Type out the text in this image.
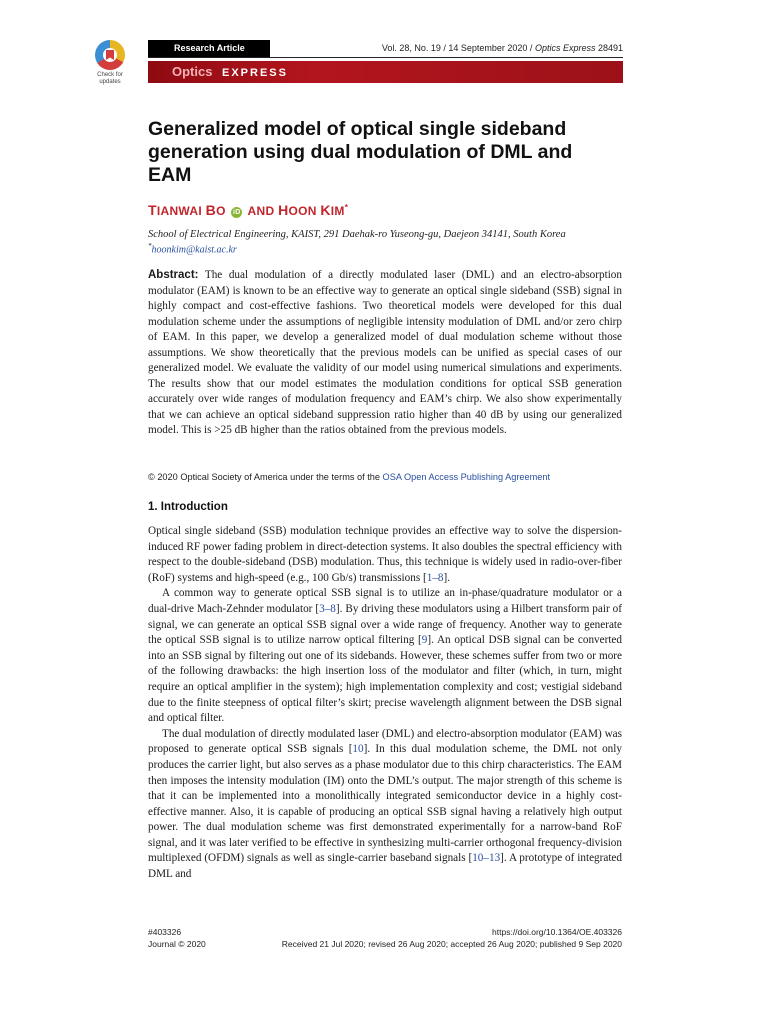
Check for
updates
Research Article	Vol. 28, No. 19 / 14 September 2020 / Optics Express 28491
Optics EXPRESS
Generalized model of optical single sideband generation using dual modulation of DML and EAM
TIANWAI BO iD AND HOON KIM*
School of Electrical Engineering, KAIST, 291 Daehak-ro Yuseong-gu, Daejeon 34141, South Korea
*hoonkim@kaist.ac.kr

Abstract: The dual modulation of a directly modulated laser (DML) and an electro-absorption modulator (EAM) is known to be an effective way to generate an optical single sideband (SSB) signal in highly compact and cost-effective fashions. Two theoretical models were developed for this dual modulation scheme under the assumptions of negligible intensity modulation of DML and/or zero chirp of EAM. In this paper, we develop a generalized model of dual modulation scheme without those assumptions. We show theoretically that the previous models can be unified as special cases of our generalized model. We evaluate the validity of our model using numerical simulations and experiments. The results show that our model estimates the modulation conditions for optical SSB generation accurately over wide ranges of modulation frequency and EAM’s chirp. We also show experimentally that we can achieve an optical sideband suppression ratio higher than 40 dB by using our generalized model. This is >25 dB higher than the ratios obtained from the previous models.

© 2020 Optical Society of America under the terms of the OSA Open Access Publishing Agreement
1. Introduction

Optical single sideband (SSB) modulation technique provides an effective way to solve the dispersion-induced RF power fading problem in direct-detection systems. It also doubles the spectral efficiency with respect to the double-sideband (DSB) modulation. Thus, this technique is widely used in radio-over-fiber (RoF) systems and high-speed (e.g., 100 Gb/s) transmissions [1–8].

A common way to generate optical SSB signal is to utilize an in-phase/quadrature modulator or a dual-drive Mach-Zehnder modulator [3–8]. By driving these modulators using a Hilbert transform pair of signal, we can generate an optical SSB signal over a wide range of frequency. Another way to generate the optical SSB signal is to utilize narrow optical filtering [9]. An optical DSB signal can be converted into an SSB signal by filtering out one of its sidebands. However, these schemes suffer from two or more of the following drawbacks: the high insertion loss of the modulator and filter (which, in turn, might require an optical amplifier in the system); high implementation complexity and cost; vestigial sideband due to the finite steepness of optical filter’s skirt; precise wavelength alignment between the DSB signal and optical filter.

The dual modulation of directly modulated laser (DML) and electro-absorption modulator (EAM) was proposed to generate optical SSB signals [10]. In this dual modulation scheme, the DML not only produces the carrier light, but also serves as a phase modulator due to this chirp characteristics. The EAM then imposes the intensity modulation (IM) onto the DML’s output. The major strength of this scheme is that it can be implemented into a monolithically integrated semiconductor device in a highly cost-effective manner. Also, it is capable of producing an optical SSB signal having a relatively high output power. The dual modulation scheme was first demonstrated experimentally for a narrow-band RoF signal, and it was later verified to be effective in synthesizing multi-carrier orthogonal frequency-division multiplexed (OFDM) signals as well as single-carrier baseband signals [10–13]. A prototype of integrated DML and

#403326
Journal © 2020
https://doi.org/10.1364/OE.403326
Received 21 Jul 2020; revised 26 Aug 2020; accepted 26 Aug 2020; published 9 Sep 2020
